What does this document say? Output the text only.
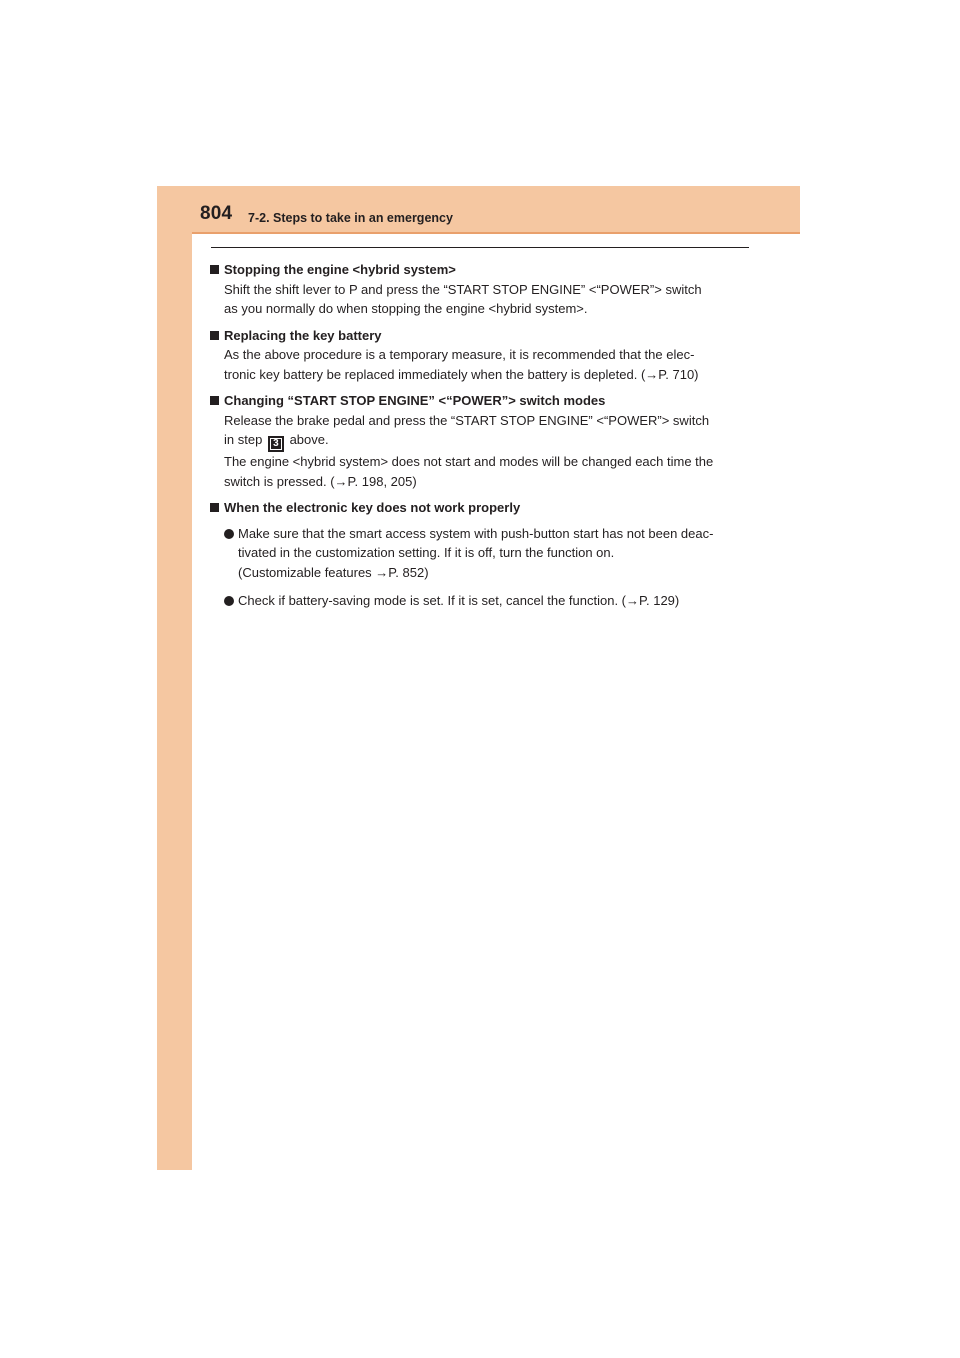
804 7-2. Steps to take in an emergency
Stopping the engine <hybrid system>
Shift the shift lever to P and press the “START STOP ENGINE” <“POWER”> switch
as you normally do when stopping the engine <hybrid system>.
Replacing the key battery
As the above procedure is a temporary measure, it is recommended that the elec-
tronic key battery be replaced immediately when the battery is depleted. (→P. 710)
Changing “START STOP ENGINE” <“POWER”> switch modes
Release the brake pedal and press the “START STOP ENGINE” <“POWER”> switch
in step 3 above.
The engine <hybrid system> does not start and modes will be changed each time the
switch is pressed. (→P. 198, 205)
When the electronic key does not work properly
Make sure that the smart access system with push-button start has not been deac-
tivated in the customization setting. If it is off, turn the function on.
(Customizable features →P. 852)
Check if battery-saving mode is set. If it is set, cancel the function. (→P. 129)
